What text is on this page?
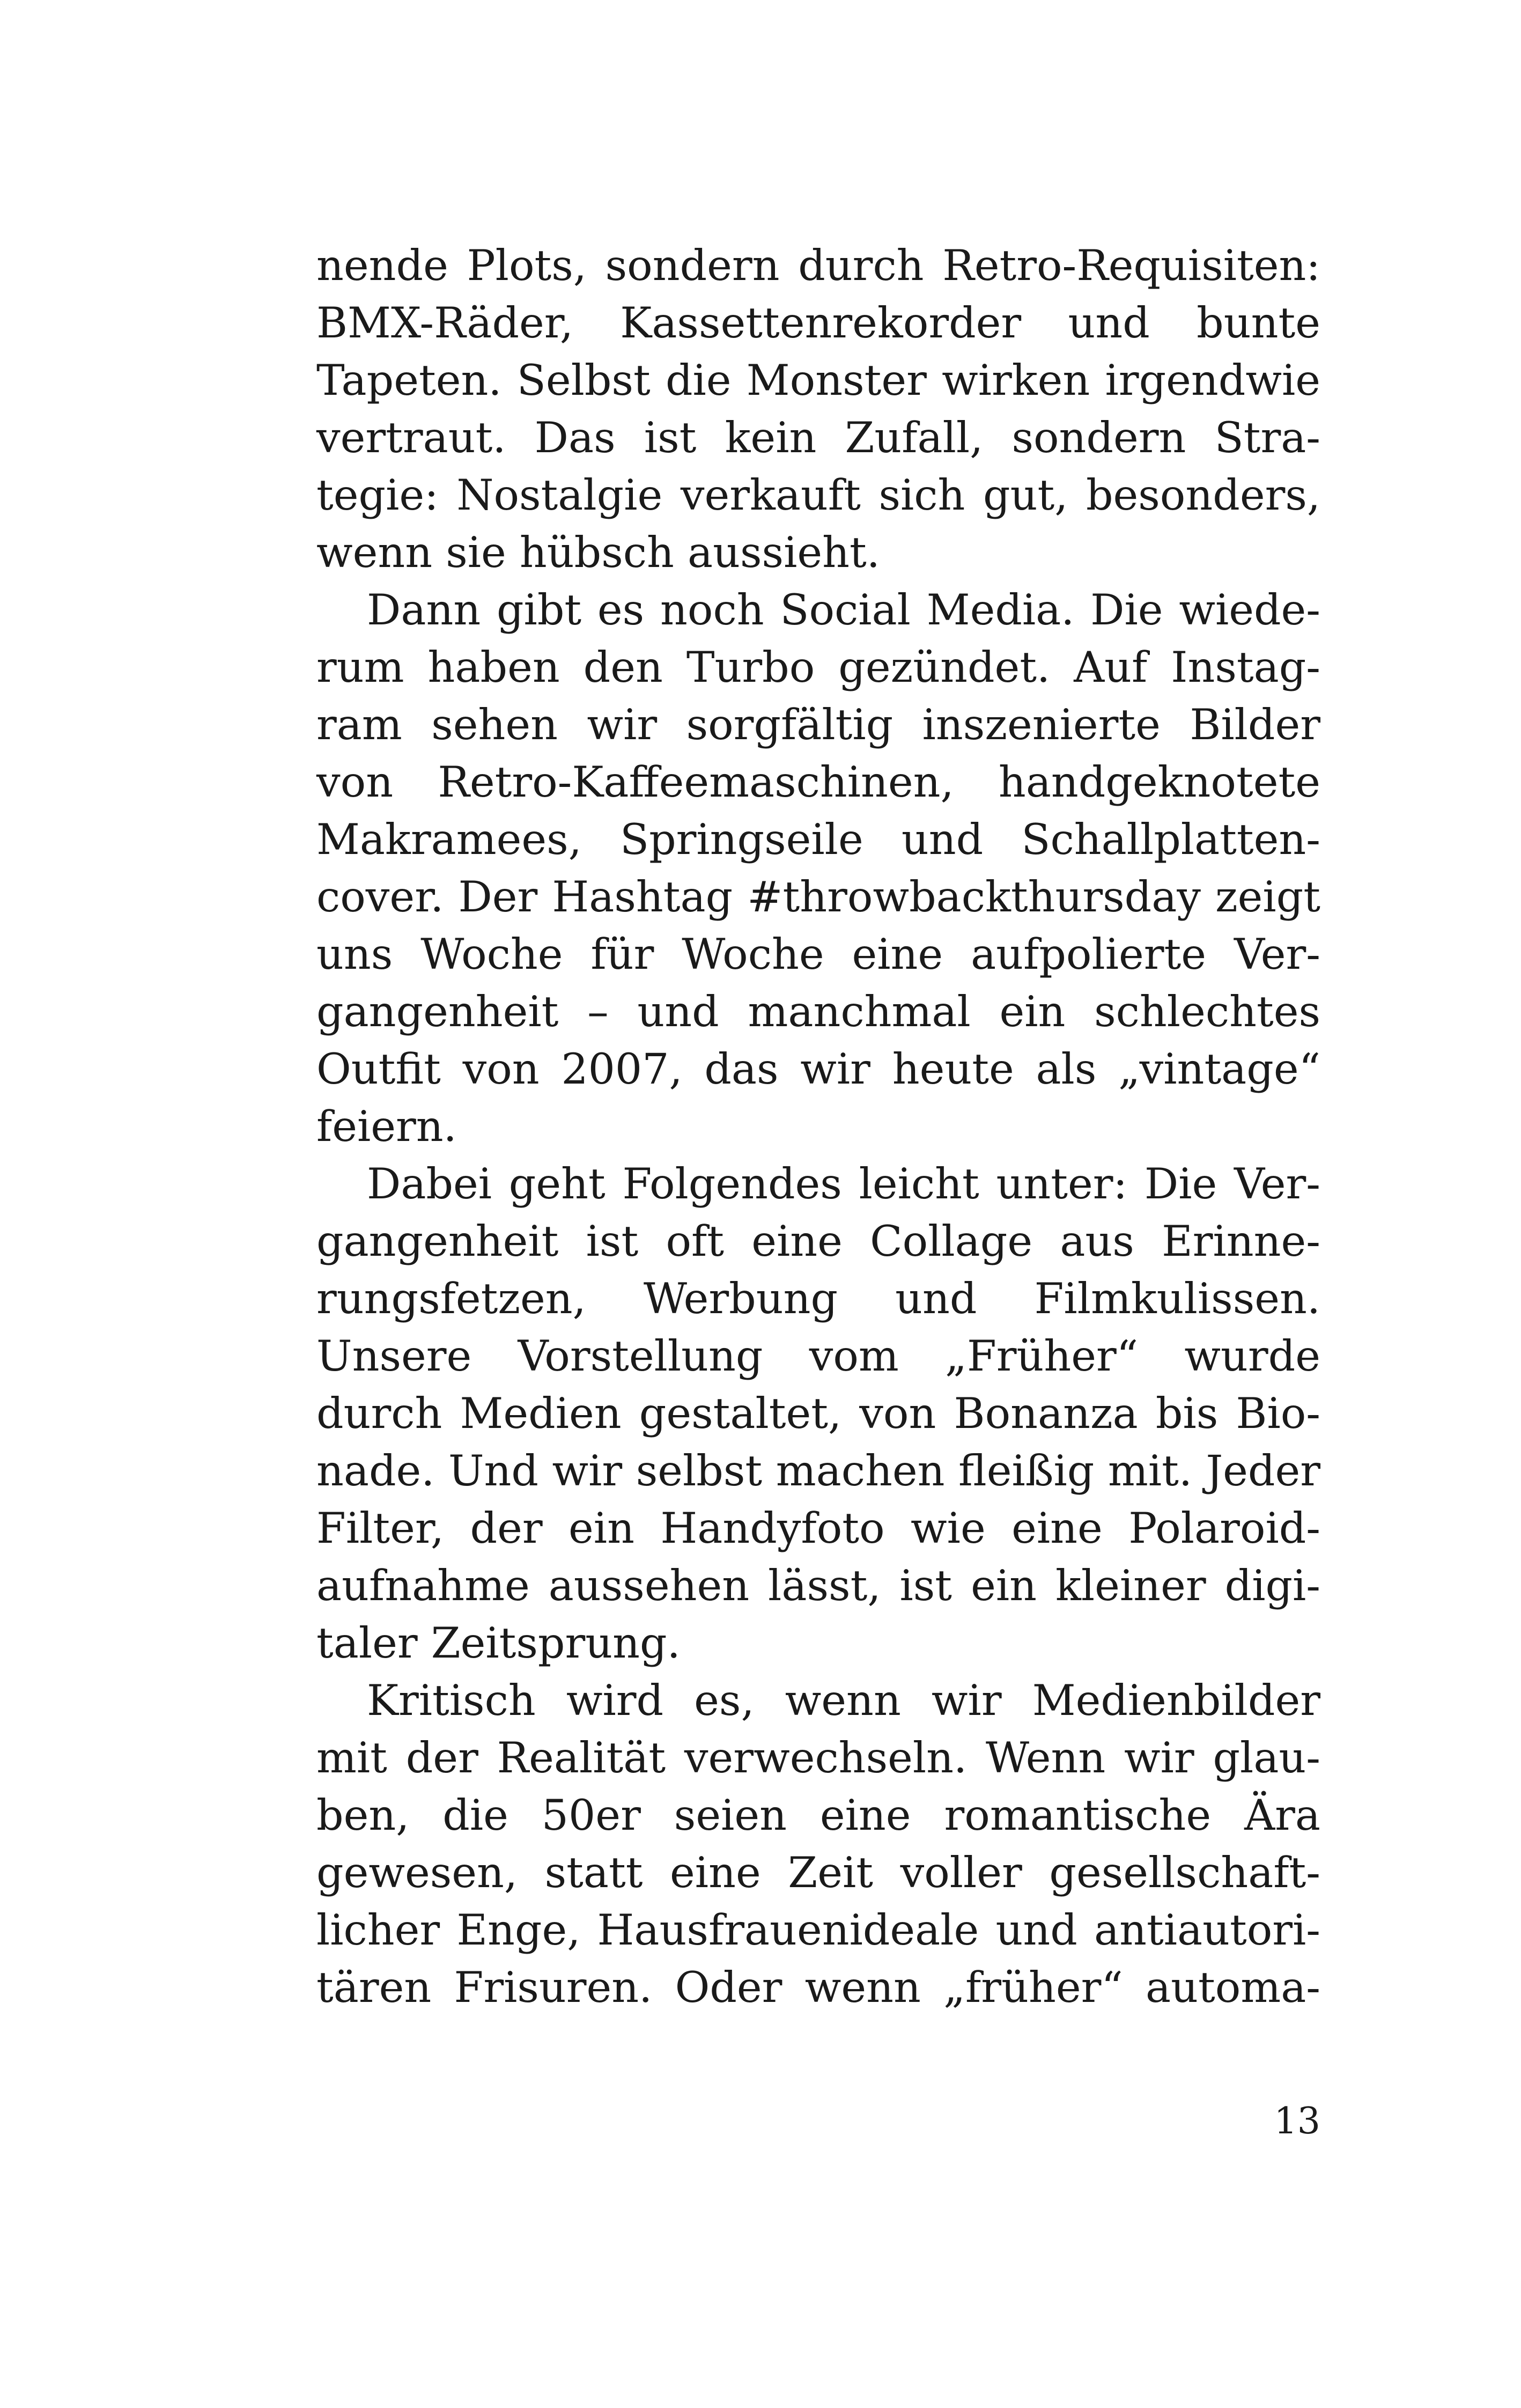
nende Plots, sondern durch Retro-Requisiten:
BMX-Räder, Kassettenrekorder und bunte
Tapeten. Selbst die Monster wirken irgendwie
vertraut. Das ist kein Zufall, sondern Stra-
tegie: Nostalgie verkauft sich gut, besonders,
wenn sie hübsch aussieht.
Dann gibt es noch Social Media. Die wiede-
rum haben den Turbo gezündet. Auf Instag-
ram sehen wir sorgfältig inszenierte Bilder
von Retro-Kaffeemaschinen, handgeknotete
Makramees, Springseile und Schallplatten-
cover. Der Hashtag #throwbackthursday zeigt
uns Woche für Woche eine aufpolierte Ver-
gangenheit – und manchmal ein schlechtes
Outfit von 2007, das wir heute als „vintage“
feiern.
Dabei geht Folgendes leicht unter: Die Ver-
gangenheit ist oft eine Collage aus Erinne-
rungsfetzen, Werbung und Filmkulissen.
Unsere Vorstellung vom „Früher“ wurde
durch Medien gestaltet, von Bonanza bis Bio-
nade. Und wir selbst machen fleißig mit. Jeder
Filter, der ein Handyfoto wie eine Polaroid-
aufnahme aussehen lässt, ist ein kleiner digi-
taler Zeitsprung.
Kritisch wird es, wenn wir Medienbilder
mit der Realität verwechseln. Wenn wir glau-
ben, die 50er seien eine romantische Ära
gewesen, statt eine Zeit voller gesellschaft-
licher Enge, Hausfrauenideale und antiautori-
tären Frisuren. Oder wenn „früher“ automa-
13
